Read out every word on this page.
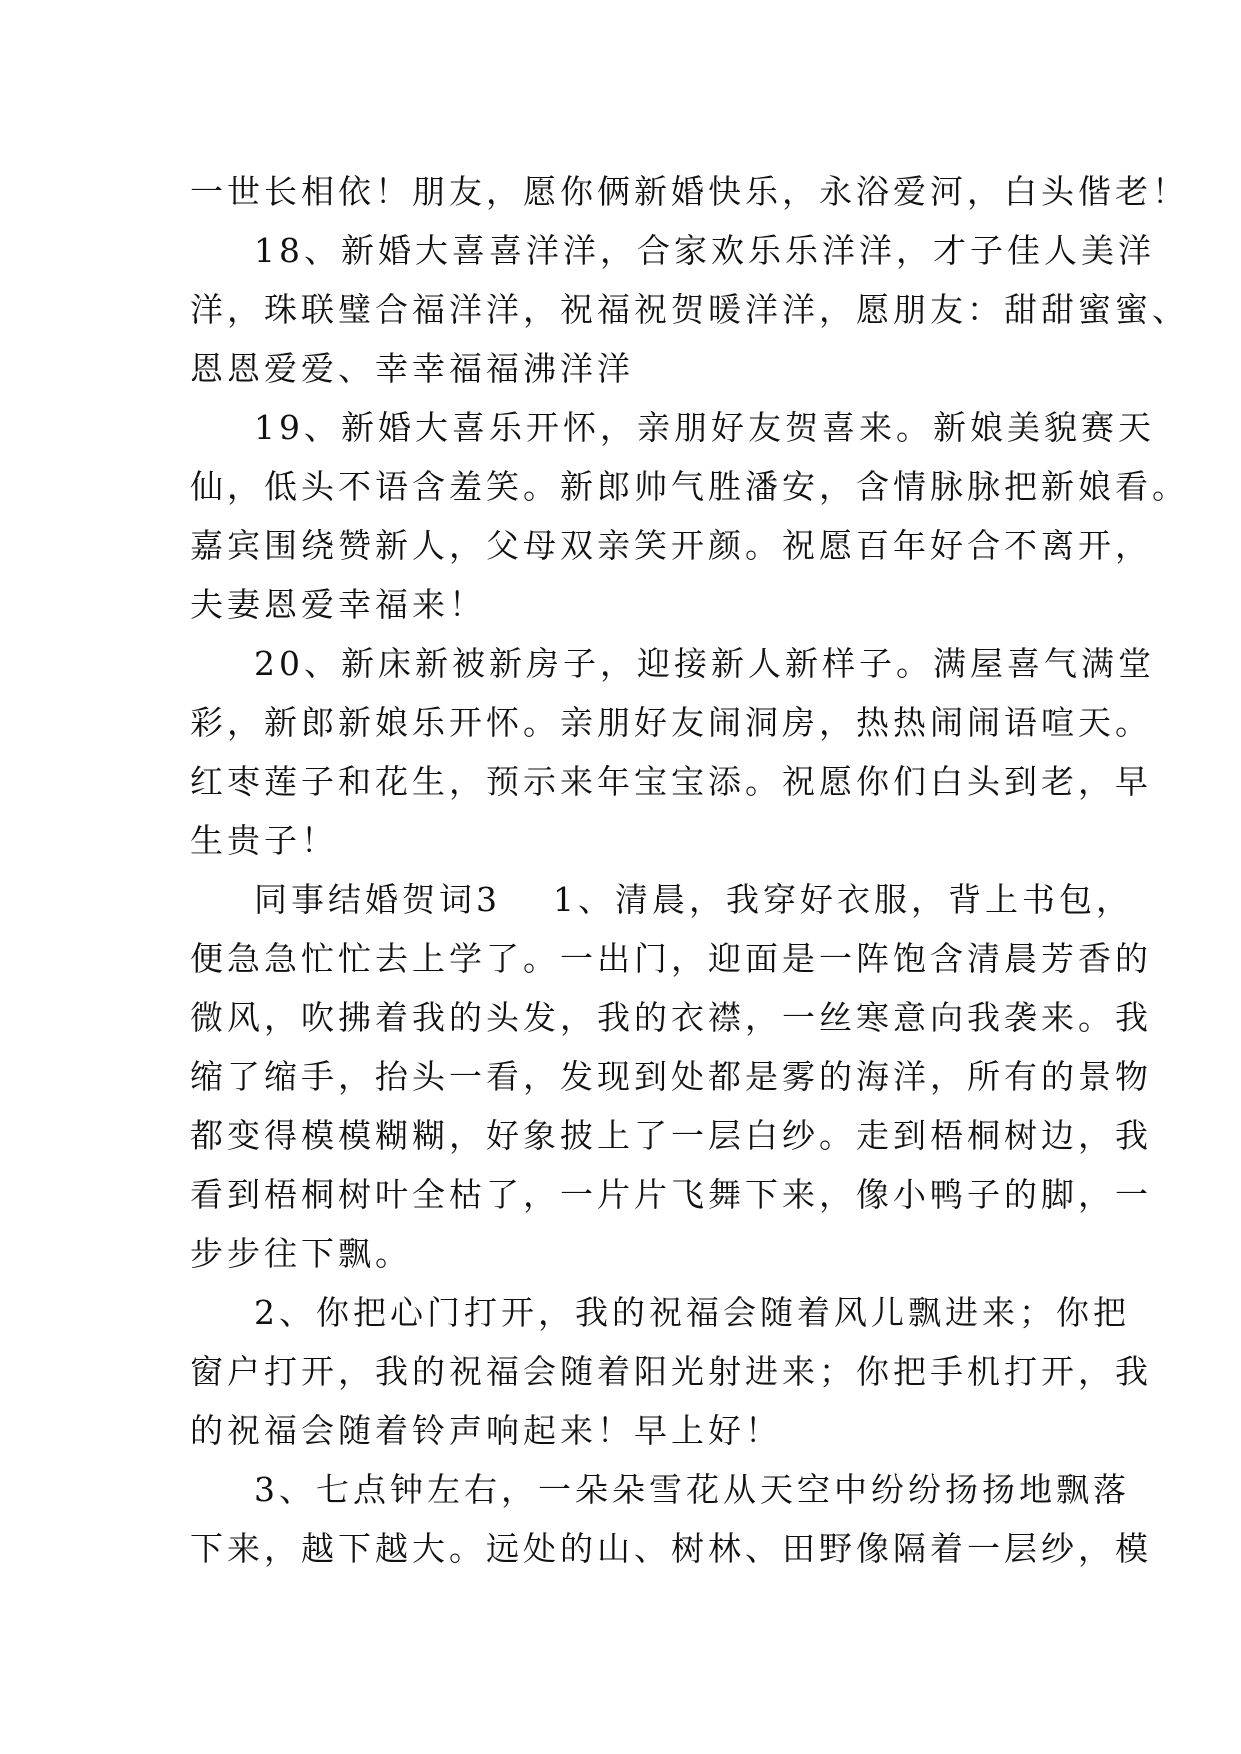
一世长相依！朋友，愿你俩新婚快乐，永浴爱河，白头偕老！
18、新婚大喜喜洋洋，合家欢乐乐洋洋，才子佳人美洋
洋，珠联璧合福洋洋，祝福祝贺暖洋洋，愿朋友：甜甜蜜蜜、
恩恩爱爱、幸幸福福沸洋洋
19、新婚大喜乐开怀，亲朋好友贺喜来。新娘美貌赛天
仙，低头不语含羞笑。新郎帅气胜潘安，含情脉脉把新娘看。
嘉宾围绕赞新人，父母双亲笑开颜。祝愿百年好合不离开，
夫妻恩爱幸福来！
20、新床新被新房子，迎接新人新样子。满屋喜气满堂
彩，新郎新娘乐开怀。亲朋好友闹洞房，热热闹闹语喧天。
红枣莲子和花生，预示来年宝宝添。祝愿你们白头到老，早
生贵子！
同事结婚贺词3 1、清晨，我穿好衣服，背上书包，
便急急忙忙去上学了。一出门，迎面是一阵饱含清晨芳香的
微风，吹拂着我的头发，我的衣襟，一丝寒意向我袭来。我
缩了缩手，抬头一看，发现到处都是雾的海洋，所有的景物
都变得模模糊糊，好象披上了一层白纱。走到梧桐树边，我
看到梧桐树叶全枯了，一片片飞舞下来，像小鸭子的脚，一
步步往下飘。
2、你把心门打开，我的祝福会随着风儿飘进来；你把
窗户打开，我的祝福会随着阳光射进来；你把手机打开，我
的祝福会随着铃声响起来！早上好！
3、七点钟左右，一朵朵雪花从天空中纷纷扬扬地飘落
下来，越下越大。远处的山、树林、田野像隔着一层纱，模
